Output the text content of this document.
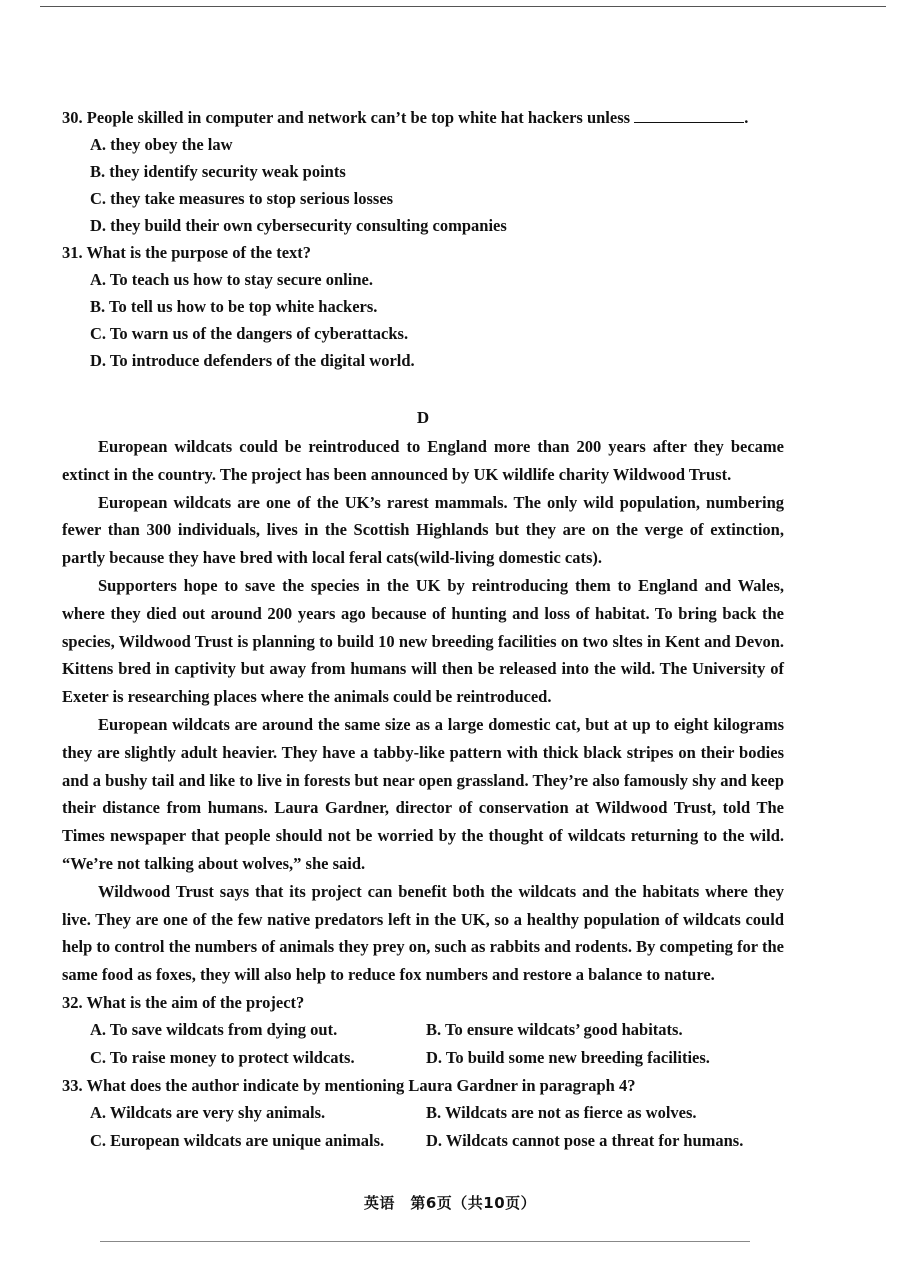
30. People skilled in computer and network can’t be top white hat hackers unless	.

A. they obey the law

B. they identify security weak points

C. they take measures to stop serious losses

D. they build their own cybersecurity consulting companies

31. What is the purpose of the text?

A. To teach us how to stay secure online.

B. To tell us how to be top white hackers.

C. To warn us of the dangers of cyberattacks.

D. To introduce defenders of the digital world.

D

European wildcats could be reintroduced to England more than 200 years after they became extinct in the country. The project has been announced by UK wildlife charity Wildwood Trust.

European wildcats are one of the UK’s rarest mammals. The only wild population, numbering fewer than 300 individuals, lives in the Scottish Highlands but they are on the verge of extinction, partly because they have bred with local feral cats(wild-living domestic cats).

Supporters hope to save the species in the UK by reintroducing them to England and Wales, where they died out around 200 years ago because of hunting and loss of habitat. To bring back the species, Wildwood Trust is planning to build 10 new breeding facilities on two sltes in Kent and Devon. Kittens bred in captivity but away from humans will then be released into the wild. The University of Exeter is researching places where the animals could be reintroduced.

European wildcats are around the same size as a large domestic cat, but at up to eight kilograms they are slightly adult heavier. They have a tabby-like pattern with thick black stripes on their bodies and a bushy tail and like to live in forests but near open grassland. They’re also famously shy and keep their distance from humans. Laura Gardner, director of conservation at Wildwood Trust, told The Times newspaper that people should not be worried by the thought of wildcats returning to the wild. “We’re not talking about wolves,” she said.

Wildwood Trust says that its project can benefit both the wildcats and the habitats where they live. They are one of the few native predators left in the UK, so a healthy population of wildcats could help to control the numbers of animals they prey on, such as rabbits and rodents. By competing for the same food as foxes, they will also help to reduce fox numbers and restore a balance to nature.

32. What is the aim of the project?

A. To save wildcats from dying out.	B. To ensure wildcats’ good habitats.
C. To raise money to protect wildcats.	D. To build some new breeding facilities.

33. What does the author indicate by mentioning Laura Gardner in paragraph 4?

A. Wildcats are very shy animals.	B. Wildcats are not as fierce as wolves.
C. European wildcats are unique animals.	D. Wildcats cannot pose a threat for humans.
英语　第6页（共10页）
